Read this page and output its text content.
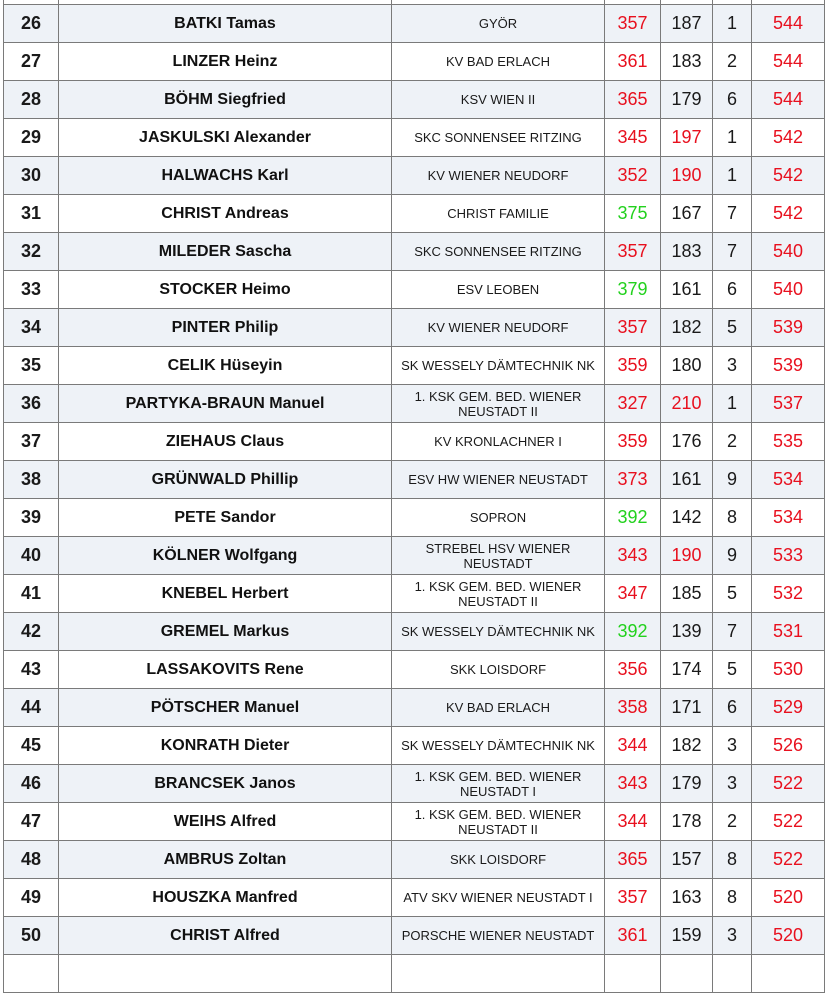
26	BATKI Tamas	GYÖR	357	187	1	544
27	LINZER Heinz	KV BAD ERLACH	361	183	2	544
28	BÖHM Siegfried	KSV WIEN II	365	179	6	544
29	JASKULSKI Alexander	SKC SONNENSEE RITZING	345	197	1	542
30	HALWACHS Karl	KV WIENER NEUDORF	352	190	1	542
31	CHRIST Andreas	CHRIST FAMILIE	375	167	7	542
32	MILEDER Sascha	SKC SONNENSEE RITZING	357	183	7	540
33	STOCKER Heimo	ESV LEOBEN	379	161	6	540
34	PINTER Philip	KV WIENER NEUDORF	357	182	5	539
35	CELIK Hüseyin	SK WESSELY DÄMTECHNIK NK	359	180	3	539
36	PARTYKA-BRAUN Manuel	1. KSK GEM. BED. WIENER NEUSTADT II	327	210	1	537
37	ZIEHAUS Claus	KV KRONLACHNER I	359	176	2	535
38	GRÜNWALD Phillip	ESV HW WIENER NEUSTADT	373	161	9	534
39	PETE Sandor	SOPRON	392	142	8	534
40	KÖLNER Wolfgang	STREBEL HSV WIENER NEUSTADT	343	190	9	533
41	KNEBEL Herbert	1. KSK GEM. BED. WIENER NEUSTADT II	347	185	5	532
42	GREMEL Markus	SK WESSELY DÄMTECHNIK NK	392	139	7	531
43	LASSAKOVITS Rene	SKK LOISDORF	356	174	5	530
44	PÖTSCHER Manuel	KV BAD ERLACH	358	171	6	529
45	KONRATH Dieter	SK WESSELY DÄMTECHNIK NK	344	182	3	526
46	BRANCSEK Janos	1. KSK GEM. BED. WIENER NEUSTADT I	343	179	3	522
47	WEIHS Alfred	1. KSK GEM. BED. WIENER NEUSTADT II	344	178	2	522
48	AMBRUS Zoltan	SKK LOISDORF	365	157	8	522
49	HOUSZKA Manfred	ATV SKV WIENER NEUSTADT I	357	163	8	520
50	CHRIST Alfred	PORSCHE WIENER NEUSTADT	361	159	3	520
